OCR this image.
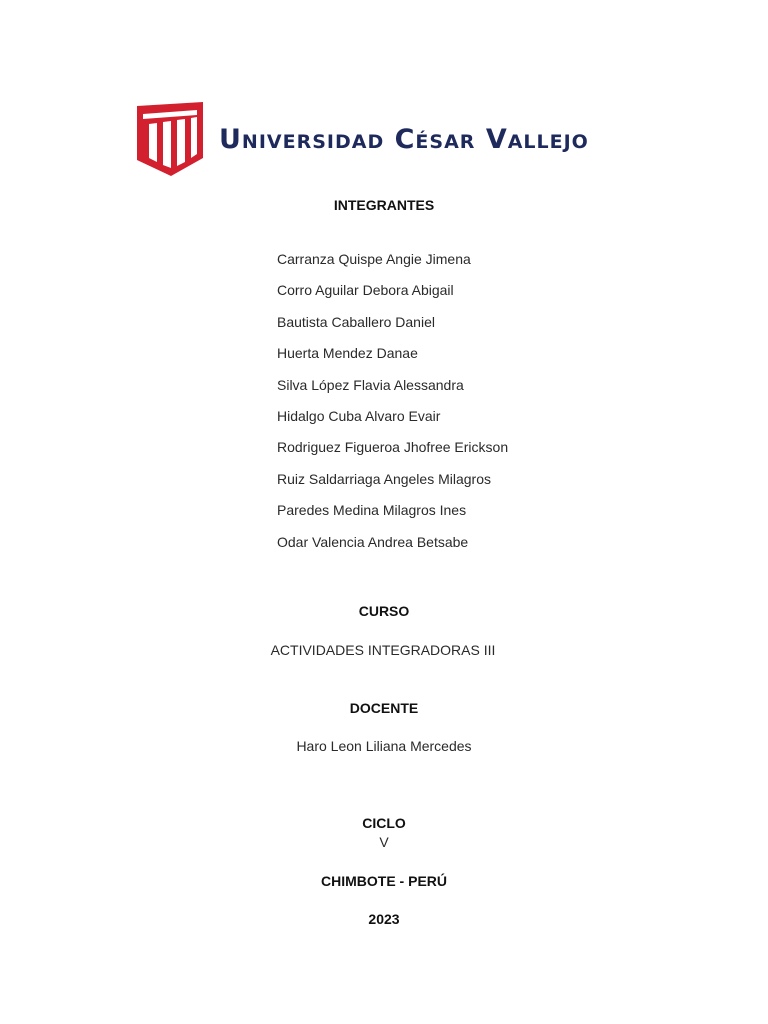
Universidad César Vallejo
INTEGRANTES
Carranza Quispe Angie Jimena
Corro Aguilar Debora Abigail
Bautista Caballero Daniel
Huerta Mendez Danae
Silva López Flavia Alessandra
Hidalgo Cuba Alvaro Evair
Rodriguez Figueroa Jhofree Erickson
Ruiz Saldarriaga Angeles Milagros
Paredes Medina Milagros Ines
Odar Valencia Andrea Betsabe
CURSO
ACTIVIDADES INTEGRADORAS III
DOCENTE
Haro Leon Liliana Mercedes
CICLO
V
CHIMBOTE - PERÚ
2023
